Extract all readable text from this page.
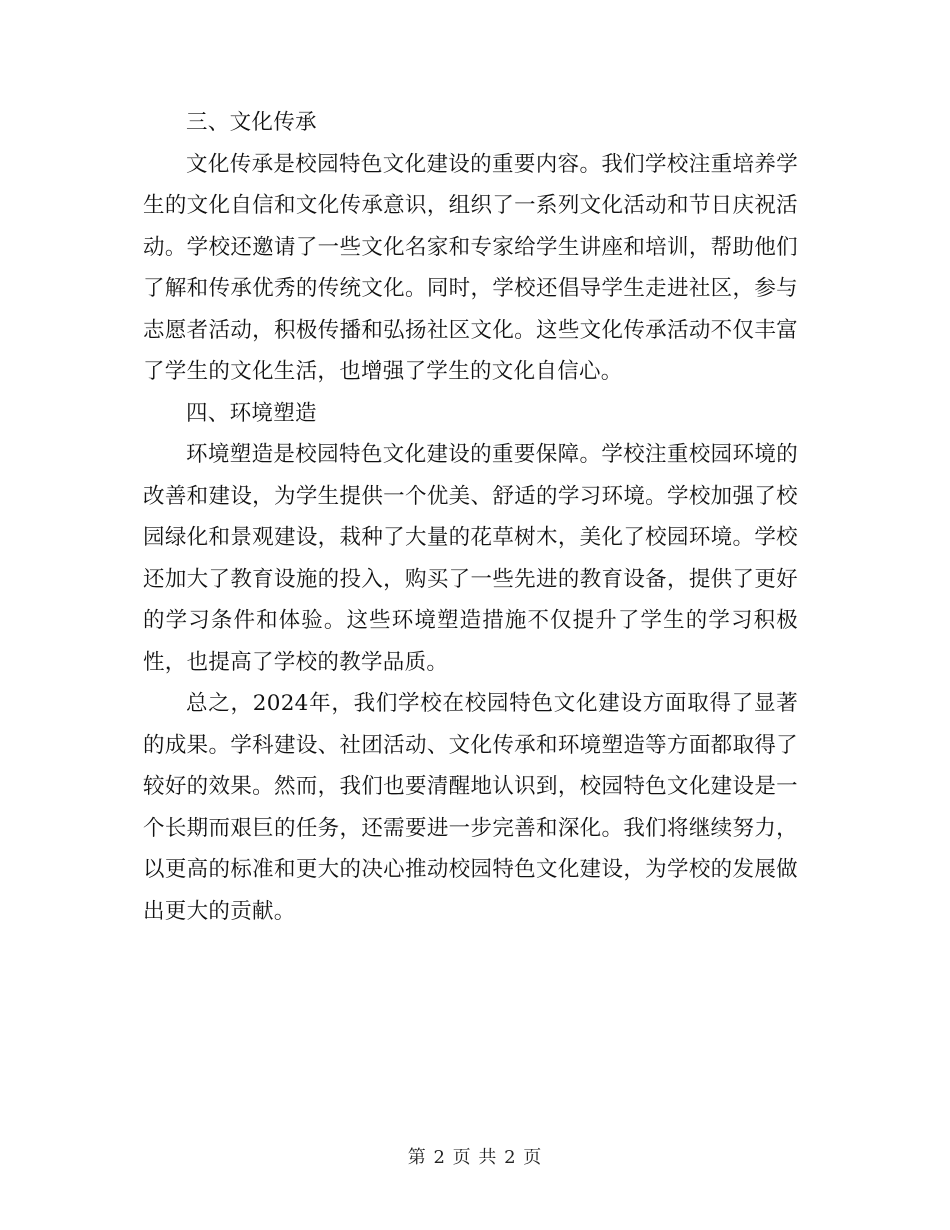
三、文化传承

文化传承是校园特色文化建设的重要内容。我们学校注重培养学生的文化自信和文化传承意识，组织了一系列文化活动和节日庆祝活动。学校还邀请了一些文化名家和专家给学生讲座和培训，帮助他们了解和传承优秀的传统文化。同时，学校还倡导学生走进社区，参与志愿者活动，积极传播和弘扬社区文化。这些文化传承活动不仅丰富了学生的文化生活，也增强了学生的文化自信心。

四、环境塑造

环境塑造是校园特色文化建设的重要保障。学校注重校园环境的改善和建设，为学生提供一个优美、舒适的学习环境。学校加强了校园绿化和景观建设，栽种了大量的花草树木，美化了校园环境。学校还加大了教育设施的投入，购买了一些先进的教育设备，提供了更好的学习条件和体验。这些环境塑造措施不仅提升了学生的学习积极性，也提高了学校的教学品质。

总之，2024年，我们学校在校园特色文化建设方面取得了显著的成果。学科建设、社团活动、文化传承和环境塑造等方面都取得了较好的效果。然而，我们也要清醒地认识到，校园特色文化建设是一个长期而艰巨的任务，还需要进一步完善和深化。我们将继续努力，以更高的标准和更大的决心推动校园特色文化建设，为学校的发展做出更大的贡献。

第 2 页 共 2 页
